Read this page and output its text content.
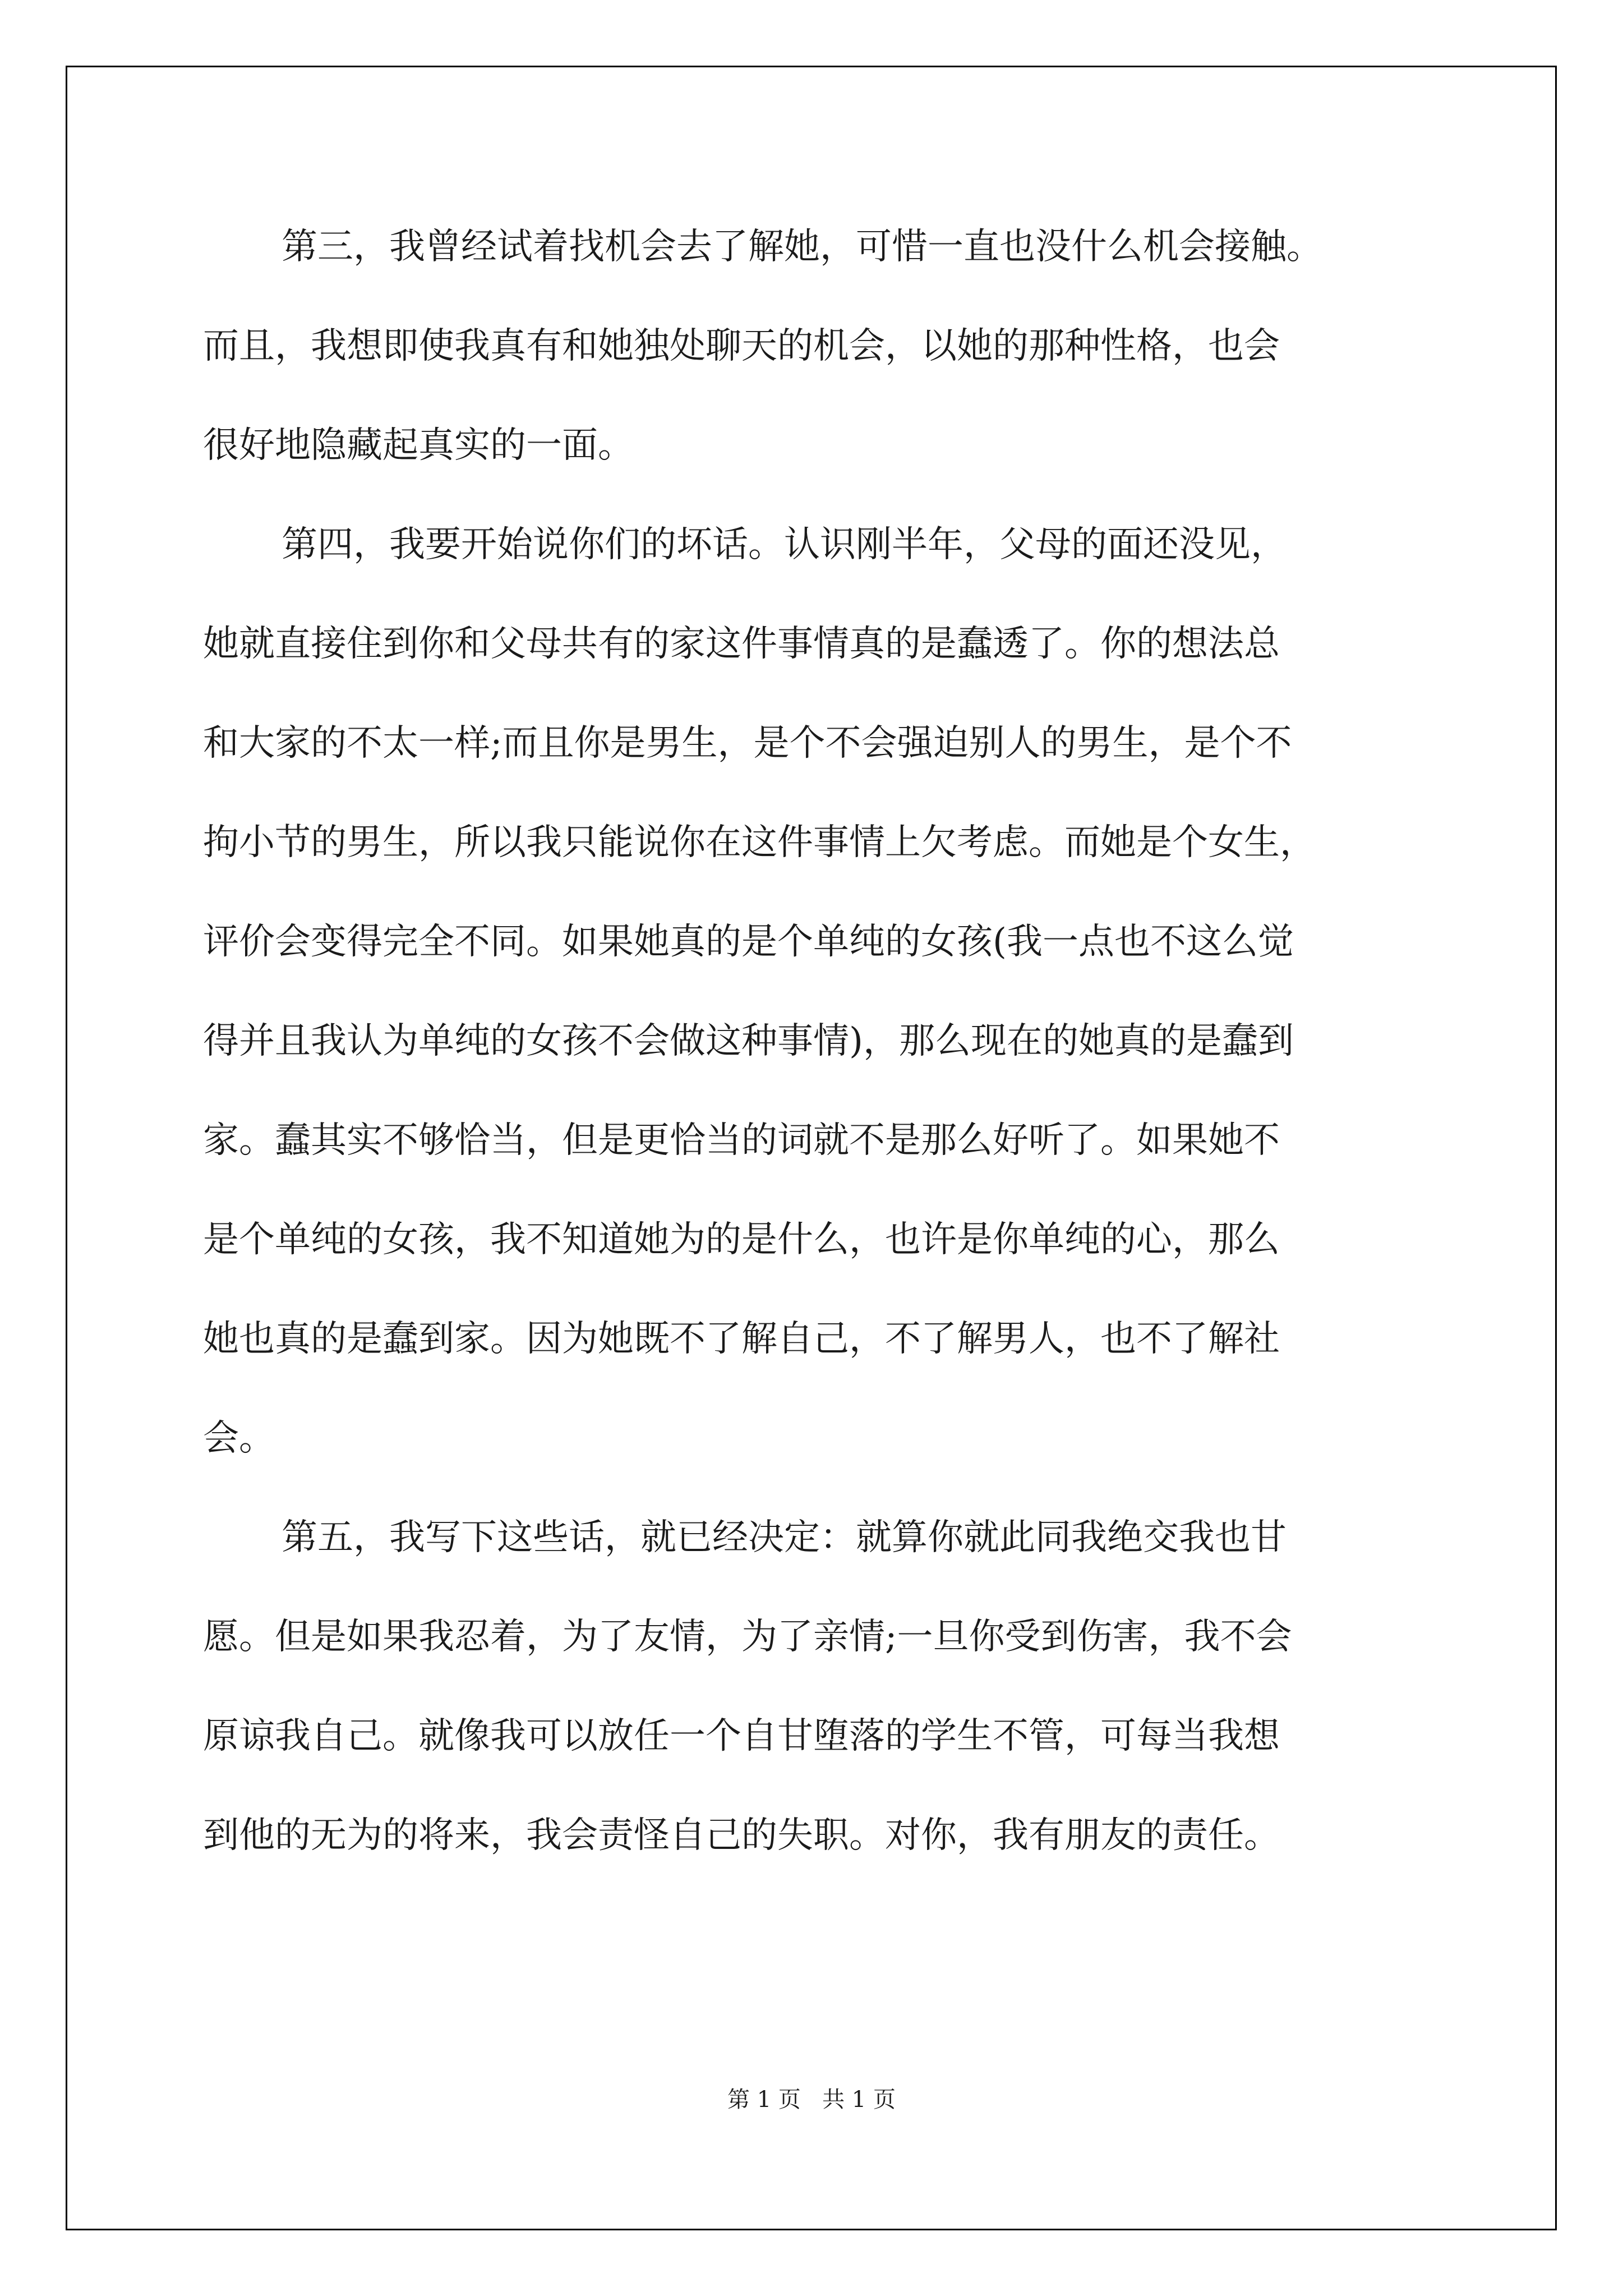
第三，我曾经试着找机会去了解她，可惜一直也没什么机会接触。

而且，我想即使我真有和她独处聊天的机会，以她的那种性格，也会

很好地隐藏起真实的一面。

第四，我要开始说你们的坏话。认识刚半年，父母的面还没见，

她就直接住到你和父母共有的家这件事情真的是蠢透了。你的想法总

和大家的不太一样;而且你是男生，是个不会强迫别人的男生，是个不

拘小节的男生，所以我只能说你在这件事情上欠考虑。而她是个女生，

评价会变得完全不同。如果她真的是个单纯的女孩(我一点也不这么觉

得并且我认为单纯的女孩不会做这种事情)，那么现在的她真的是蠢到

家。蠢其实不够恰当，但是更恰当的词就不是那么好听了。如果她不

是个单纯的女孩，我不知道她为的是什么，也许是你单纯的心，那么

她也真的是蠢到家。因为她既不了解自己，不了解男人，也不了解社

会。

第五，我写下这些话，就已经决定：就算你就此同我绝交我也甘

愿。但是如果我忍着，为了友情，为了亲情;一旦你受到伤害，我不会

原谅我自己。就像我可以放任一个自甘堕落的学生不管，可每当我想

到他的无为的将来，我会责怪自己的失职。对你，我有朋友的责任。

第 1 页   共 1 页
